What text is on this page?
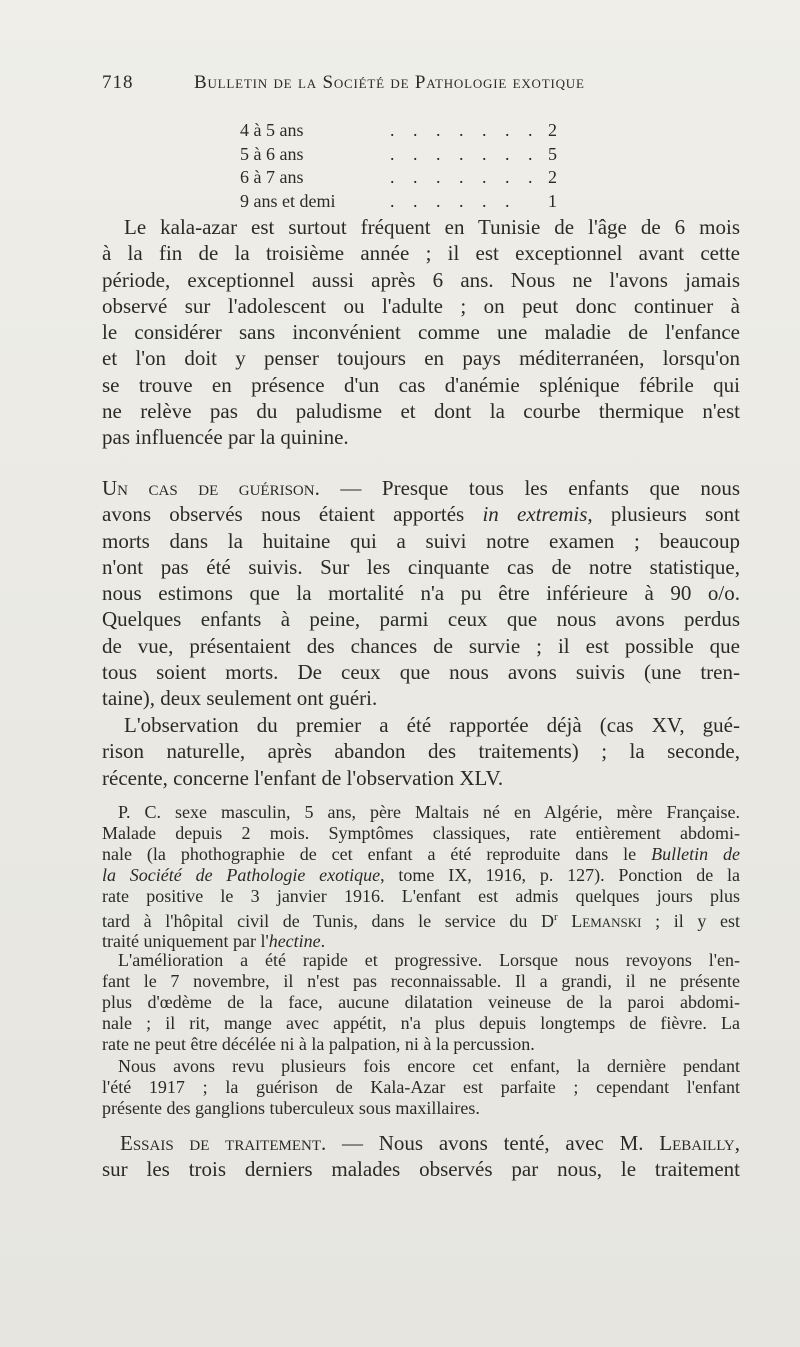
718	Bulletin de la Société de Pathologie exotique
4 à 5 ans	. . . . . . . 2
5 à 6 ans	. . . . . . . 5
6 à 7 ans	. . . . . . . 2
9 ans et demi	. . . . . . 1
Le kala-azar est surtout fréquent en Tunisie de l'âge de 6 mois
à la fin de la troisième année ; il est exceptionnel avant cette
période, exceptionnel aussi après 6 ans. Nous ne l'avons jamais
observé sur l'adolescent ou l'adulte ; on peut donc continuer à
le considérer sans inconvénient comme une maladie de l'enfance
et l'on doit y penser toujours en pays méditerranéen, lorsqu'on
se trouve en présence d'un cas d'anémie splénique fébrile qui
ne relève pas du paludisme et dont la courbe thermique n'est
pas influencée par la quinine.
Un cas de guérison. — Presque tous les enfants que nous
avons observés nous étaient apportés in extremis, plusieurs sont
morts dans la huitaine qui a suivi notre examen ; beaucoup
n'ont pas été suivis. Sur les cinquante cas de notre statistique,
nous estimons que la mortalité n'a pu être inférieure à 90 o/o.
Quelques enfants à peine, parmi ceux que nous avons perdus
de vue, présentaient des chances de survie ; il est possible que
tous soient morts. De ceux que nous avons suivis (une tren-
taine), deux seulement ont guéri.
L'observation du premier a été rapportée déjà (cas XV, gué-
rison naturelle, après abandon des traitements) ; la seconde,
récente, concerne l'enfant de l'observation XLV.
P. C. sexe masculin, 5 ans, père Maltais né en Algérie, mère Française.
Malade depuis 2 mois. Symptômes classiques, rate entièrement abdomi-
nale (la phothographie de cet enfant a été reproduite dans le Bulletin de
la Société de Pathologie exotique, tome IX, 1916, p. 127). Ponction de la
rate positive le 3 janvier 1916. L'enfant est admis quelques jours plus
tard à l'hôpital civil de Tunis, dans le service du $D^r$ Lemanski ; il y est
traité uniquement par l'hectine.
L'amélioration a été rapide et progressive. Lorsque nous revoyons l'en-
fant le 7 novembre, il n'est pas reconnaissable. Il a grandi, il ne présente
plus d'œdème de la face, aucune dilatation veineuse de la paroi abdomi-
nale ; il rit, mange avec appétit, n'a plus depuis longtemps de fièvre. La
rate ne peut être décélée ni à la palpation, ni à la percussion.
Nous avons revu plusieurs fois encore cet enfant, la dernière pendant
l'été 1917 ; la guérison de Kala-Azar est parfaite ; cependant l'enfant
présente des ganglions tuberculeux sous maxillaires.
Essais de traitement. — Nous avons tenté, avec M. Lebailly,
sur les trois derniers malades observés par nous, le traitement
